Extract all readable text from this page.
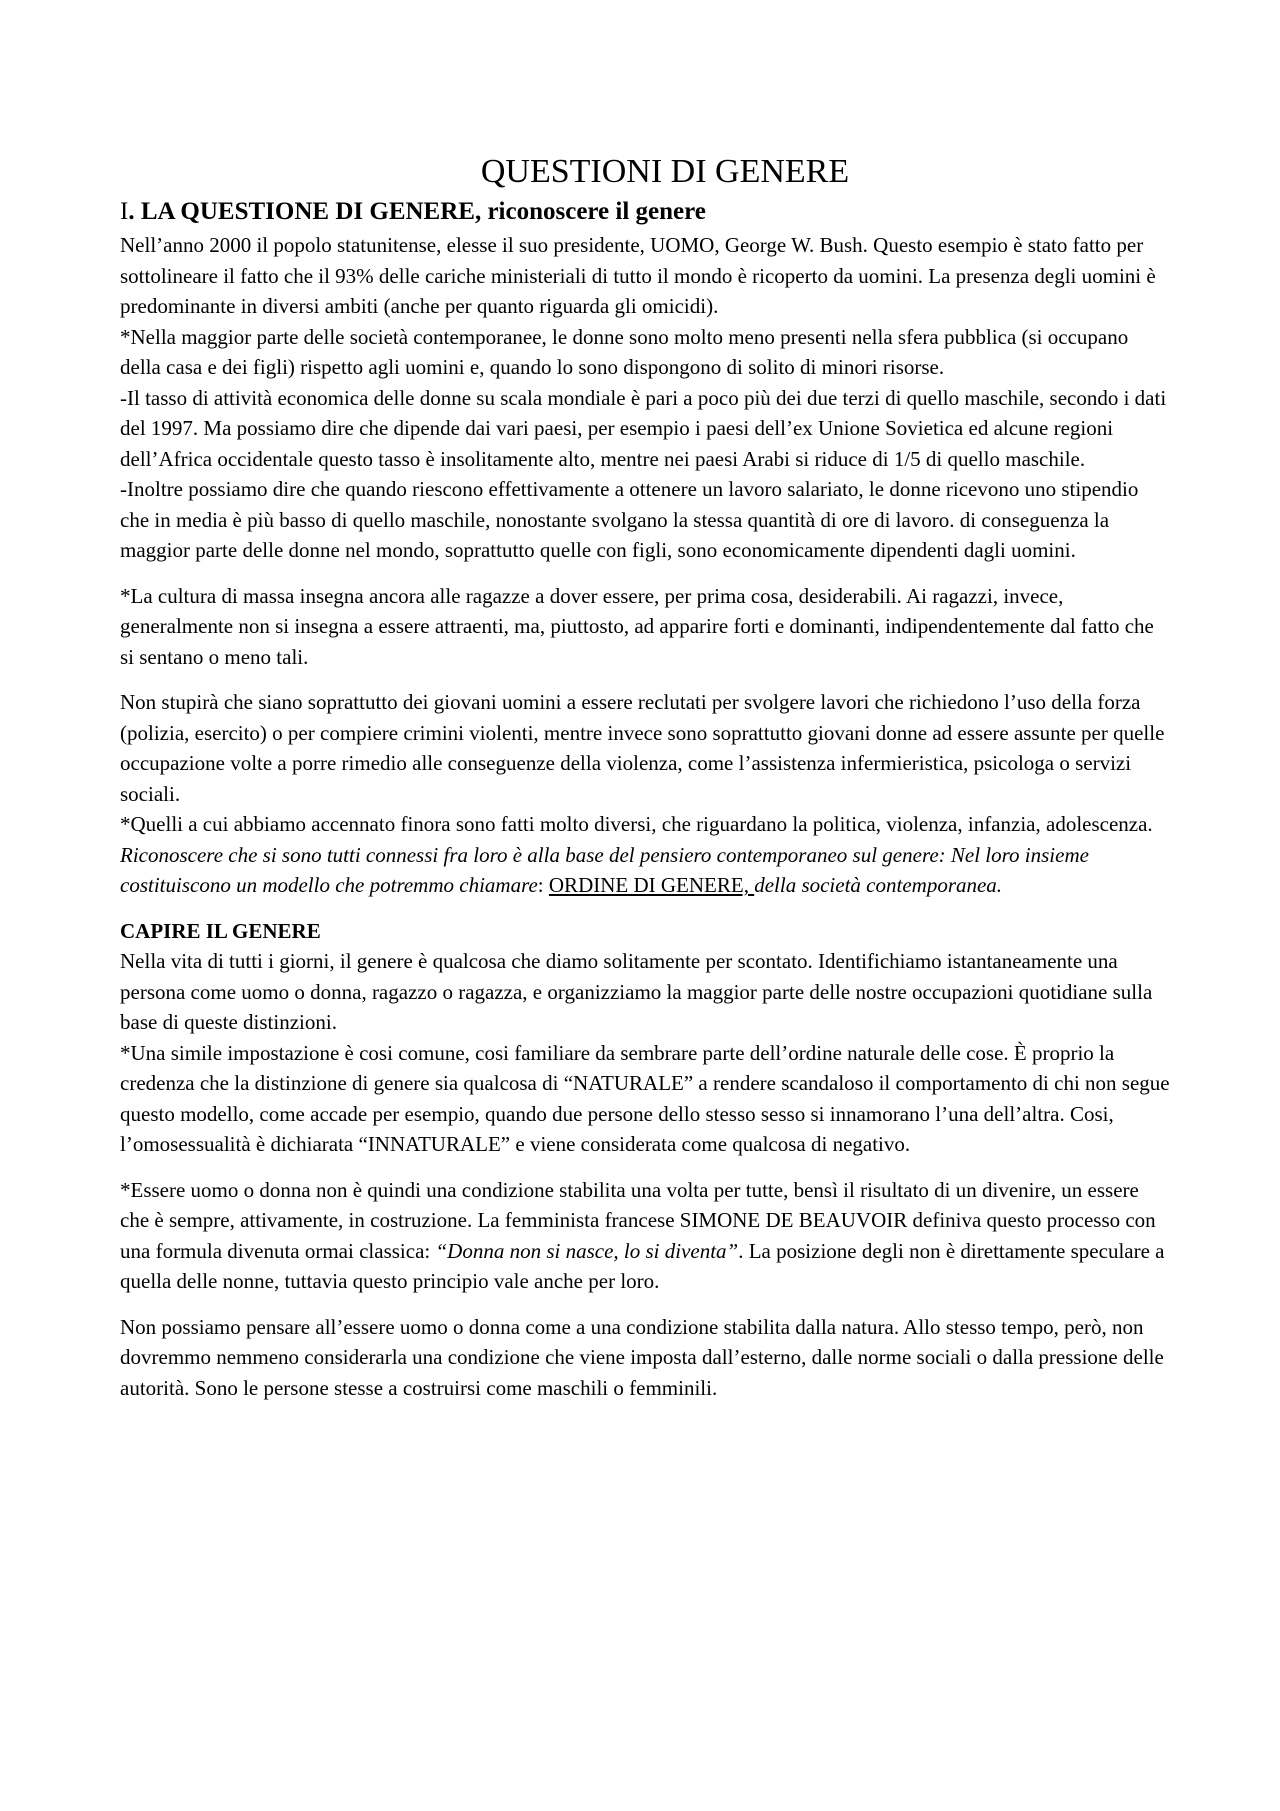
QUESTIONI DI GENERE
I. LA QUESTIONE DI GENERE, riconoscere il genere

Nell’anno 2000 il popolo statunitense, elesse il suo presidente, UOMO, George W. Bush. Questo esempio è stato fatto per sottolineare il fatto che il 93% delle cariche ministeriali di tutto il mondo è ricoperto da uomini. La presenza degli uomini è predominante in diversi ambiti (anche per quanto riguarda gli omicidi).

*Nella maggior parte delle società contemporanee, le donne sono molto meno presenti nella sfera pubblica (si occupano della casa e dei figli) rispetto agli uomini e, quando lo sono dispongono di solito di minori risorse.

-Il tasso di attività economica delle donne su scala mondiale è pari a poco più dei due terzi di quello maschile, secondo i dati del 1997. Ma possiamo dire che dipende dai vari paesi, per esempio i paesi dell’ex Unione Sovietica ed alcune regioni dell’Africa occidentale questo tasso è insolitamente alto, mentre nei paesi Arabi si riduce di 1/5 di quello maschile.

-Inoltre possiamo dire che quando riescono effettivamente a ottenere un lavoro salariato, le donne ricevono uno stipendio che in media è più basso di quello maschile, nonostante svolgano la stessa quantità di ore di lavoro. di conseguenza la maggior parte delle donne nel mondo, soprattutto quelle con figli, sono economicamente dipendenti dagli uomini.

*La cultura di massa insegna ancora alle ragazze a dover essere, per prima cosa, desiderabili. Ai ragazzi, invece, generalmente non si insegna a essere attraenti, ma, piuttosto, ad apparire forti e dominanti, indipendentemente dal fatto che si sentano o meno tali.

Non stupirà che siano soprattutto dei giovani uomini a essere reclutati per svolgere lavori che richiedono l’uso della forza (polizia, esercito) o per compiere crimini violenti, mentre invece sono soprattutto giovani donne ad essere assunte per quelle occupazione volte a porre rimedio alle conseguenze della violenza, come l’assistenza infermieristica, psicologa o servizi sociali.

*Quelli a cui abbiamo accennato finora sono fatti molto diversi, che riguardano la politica, violenza, infanzia, adolescenza. Riconoscere che si sono tutti connessi fra loro è alla base del pensiero contemporaneo sul genere: Nel loro insieme costituiscono un modello che potremmo chiamare: ORDINE DI GENERE, della società contemporanea.

CAPIRE IL GENERE

Nella vita di tutti i giorni, il genere è qualcosa che diamo solitamente per scontato. Identifichiamo istantaneamente una persona come uomo o donna, ragazzo o ragazza, e organizziamo la maggior parte delle nostre occupazioni quotidiane sulla base di queste distinzioni.

*Una simile impostazione è cosi comune, cosi familiare da sembrare parte dell’ordine naturale delle cose. È proprio la credenza che la distinzione di genere sia qualcosa di “NATURALE” a rendere scandaloso il comportamento di chi non segue questo modello, come accade per esempio, quando due persone dello stesso sesso si innamorano l’una dell’altra. Cosi, l’omosessualità è dichiarata “INNATURALE” e viene considerata come qualcosa di negativo.

*Essere uomo o donna non è quindi una condizione stabilita una volta per tutte, bensì il risultato di un divenire, un essere che è sempre, attivamente, in costruzione. La femminista francese SIMONE DE BEAUVOIR definiva questo processo con una formula divenuta ormai classica: “Donna non si nasce, lo si diventa”. La posizione degli non è direttamente speculare a quella delle nonne, tuttavia questo principio vale anche per loro.

Non possiamo pensare all’essere uomo o donna come a una condizione stabilita dalla natura. Allo stesso tempo, però, non dovremmo nemmeno considerarla una condizione che viene imposta dall’esterno, dalle norme sociali o dalla pressione delle autorità. Sono le persone stesse a costruirsi come maschili o femminili.
